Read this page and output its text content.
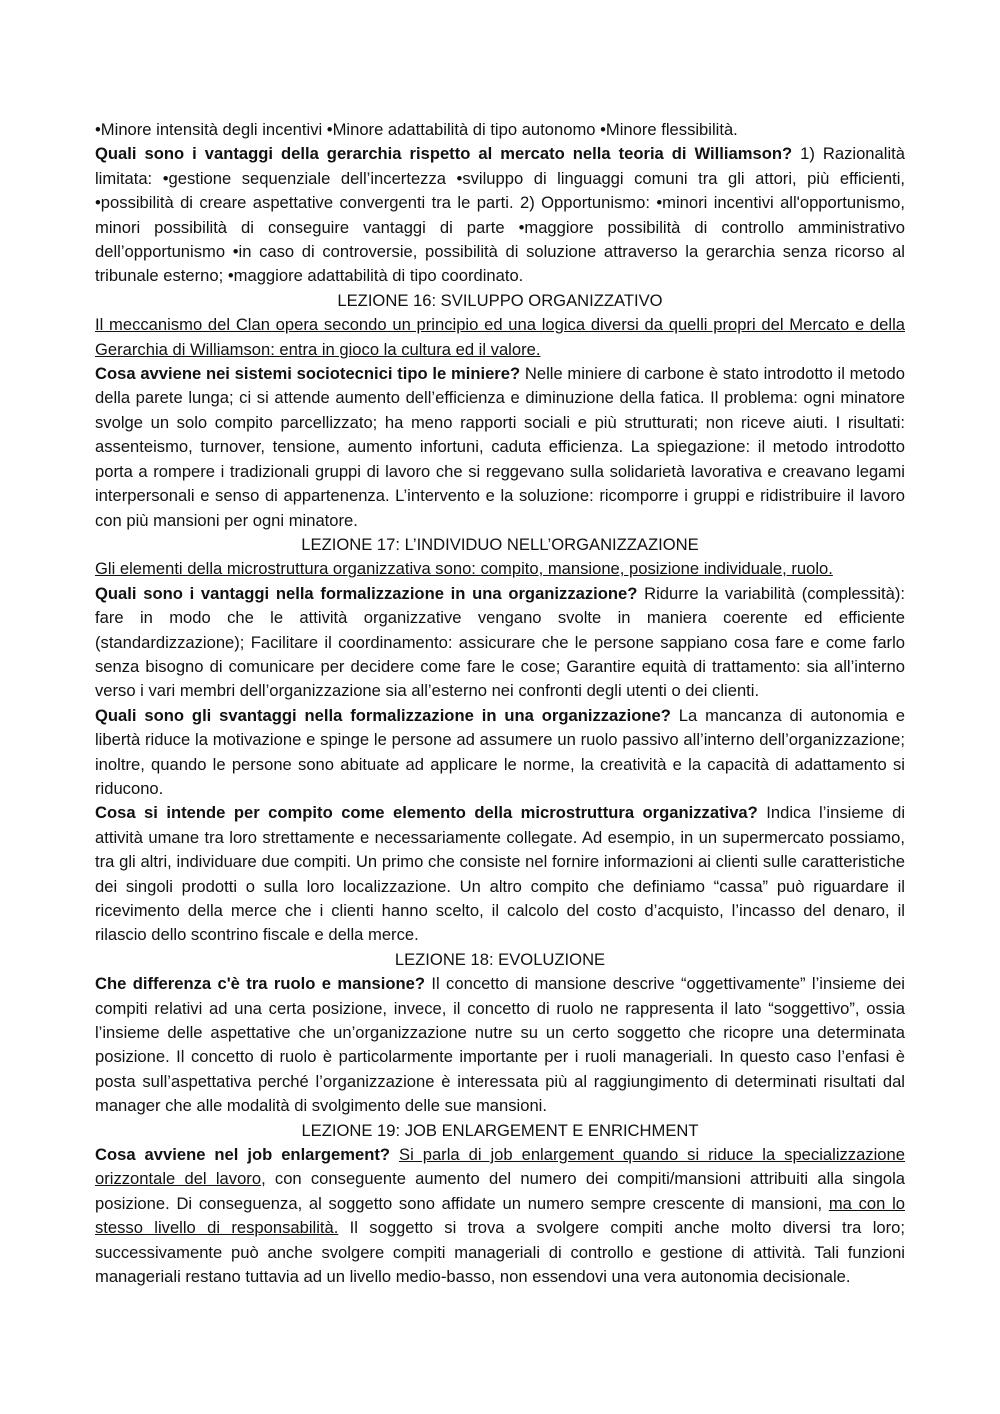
•Minore intensità degli incentivi •Minore adattabilità di tipo autonomo •Minore flessibilità.

Quali sono i vantaggi della gerarchia rispetto al mercato nella teoria di Williamson? 1) Razionalità limitata: •gestione sequenziale dell’incertezza •sviluppo di linguaggi comuni tra gli attori, più efficienti, •possibilità di creare aspettative convergenti tra le parti. 2) Opportunismo: •minori incentivi all'opportunismo, minori possibilità di conseguire vantaggi di parte •maggiore possibilità di controllo amministrativo dell’opportunismo •in caso di controversie, possibilità di soluzione attraverso la gerarchia senza ricorso al tribunale esterno; •maggiore adattabilità di tipo coordinato.

LEZIONE 16: SVILUPPO ORGANIZZATIVO

Il meccanismo del Clan opera secondo un principio ed una logica diversi da quelli propri del Mercato e della Gerarchia di Williamson: entra in gioco la cultura ed il valore.

Cosa avviene nei sistemi sociotecnici tipo le miniere? Nelle miniere di carbone è stato introdotto il metodo della parete lunga; ci si attende aumento dell’efficienza e diminuzione della fatica. Il problema: ogni minatore svolge un solo compito parcellizzato; ha meno rapporti sociali e più strutturati; non riceve aiuti. I risultati: assenteismo, turnover, tensione, aumento infortuni, caduta efficienza. La spiegazione: il metodo introdotto porta a rompere i tradizionali gruppi di lavoro che si reggevano sulla solidarietà lavorativa e creavano legami interpersonali e senso di appartenenza. L’intervento e la soluzione: ricomporre i gruppi e ridistribuire il lavoro con più mansioni per ogni minatore.

LEZIONE 17: L’INDIVIDUO NELL’ORGANIZZAZIONE

Gli elementi della microstruttura organizzativa sono: compito, mansione, posizione individuale, ruolo.

Quali sono i vantaggi nella formalizzazione in una organizzazione? Ridurre la variabilità (complessità): fare in modo che le attività organizzative vengano svolte in maniera coerente ed efficiente (standardizzazione); Facilitare il coordinamento: assicurare che le persone sappiano cosa fare e come farlo senza bisogno di comunicare per decidere come fare le cose; Garantire equità di trattamento: sia all’interno verso i vari membri dell’organizzazione sia all’esterno nei confronti degli utenti o dei clienti.

Quali sono gli svantaggi nella formalizzazione in una organizzazione? La mancanza di autonomia e libertà riduce la motivazione e spinge le persone ad assumere un ruolo passivo all’interno dell’organizzazione; inoltre, quando le persone sono abituate ad applicare le norme, la creatività e la capacità di adattamento si riducono.

Cosa si intende per compito come elemento della microstruttura organizzativa? Indica l’insieme di attività umane tra loro strettamente e necessariamente collegate. Ad esempio, in un supermercato possiamo, tra gli altri, individuare due compiti. Un primo che consiste nel fornire informazioni ai clienti sulle caratteristiche dei singoli prodotti o sulla loro localizzazione. Un altro compito che definiamo “cassa” può riguardare il ricevimento della merce che i clienti hanno scelto, il calcolo del costo d’acquisto, l’incasso del denaro, il rilascio dello scontrino fiscale e della merce.

LEZIONE 18: EVOLUZIONE

Che differenza c'è tra ruolo e mansione? Il concetto di mansione descrive “oggettivamente” l’insieme dei compiti relativi ad una certa posizione, invece, il concetto di ruolo ne rappresenta il lato “soggettivo”, ossia l’insieme delle aspettative che un’organizzazione nutre su un certo soggetto che ricopre una determinata posizione. Il concetto di ruolo è particolarmente importante per i ruoli manageriali. In questo caso l’enfasi è posta sull’aspettativa perché l’organizzazione è interessata più al raggiungimento di determinati risultati dal manager che alle modalità di svolgimento delle sue mansioni.

LEZIONE 19: JOB ENLARGEMENT E ENRICHMENT

Cosa avviene nel job enlargement? Si parla di job enlargement quando si riduce la specializzazione orizzontale del lavoro, con conseguente aumento del numero dei compiti/mansioni attribuiti alla singola posizione. Di conseguenza, al soggetto sono affidate un numero sempre crescente di mansioni, ma con lo stesso livello di responsabilità. Il soggetto si trova a svolgere compiti anche molto diversi tra loro; successivamente può anche svolgere compiti manageriali di controllo e gestione di attività. Tali funzioni manageriali restano tuttavia ad un livello medio-basso, non essendovi una vera autonomia decisionale.
